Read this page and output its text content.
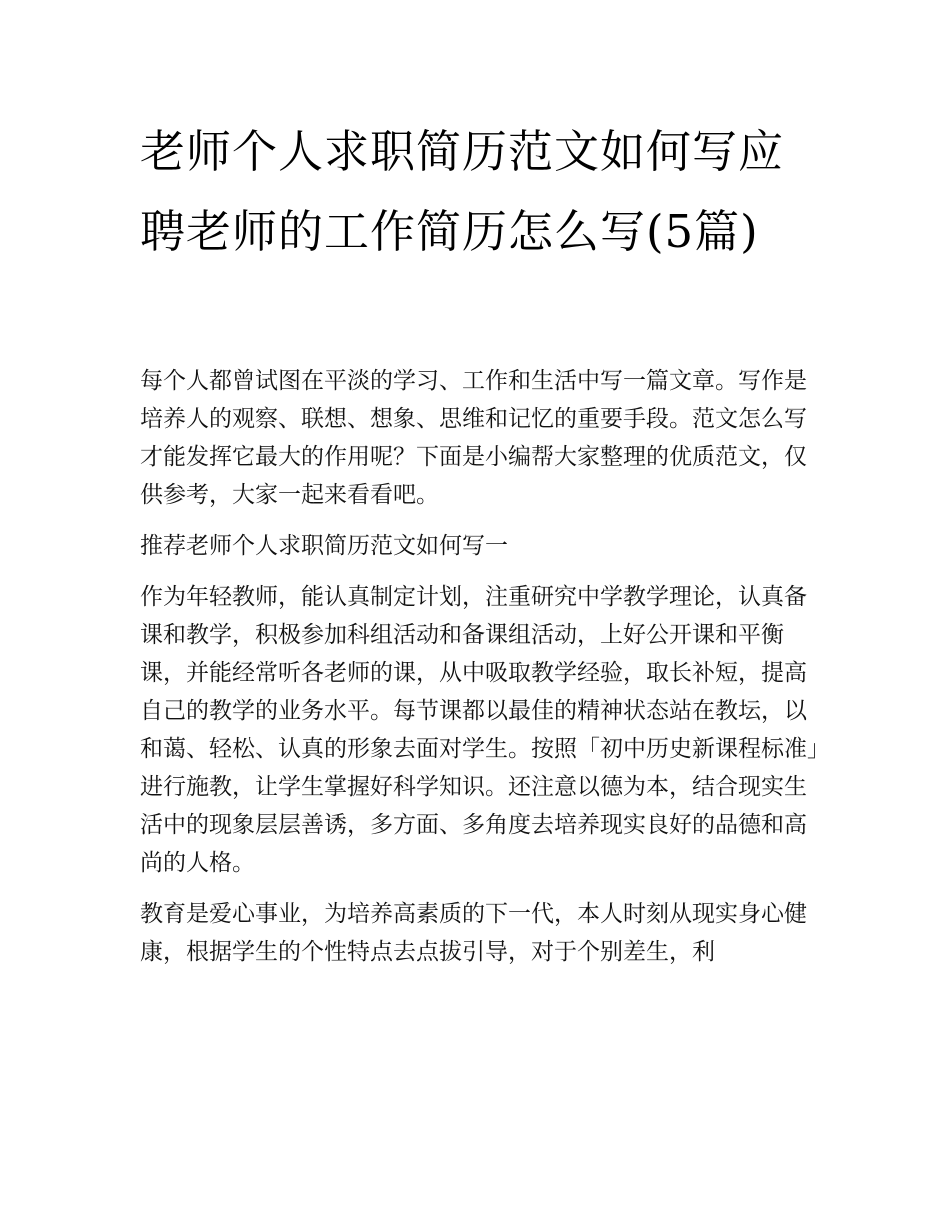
老师个人求职简历范文如何写应聘老师的工作简历怎么写(5篇)

每个人都曾试图在平淡的学习、工作和生活中写一篇文章。写作是培养人的观察、联想、想象、思维和记忆的重要手段。范文怎么写才能发挥它最大的作用呢？下面是小编帮大家整理的优质范文，仅供参考，大家一起来看看吧。

推荐老师个人求职简历范文如何写一

作为年轻教师，能认真制定计划，注重研究中学教学理论，认真备课和教学，积极参加科组活动和备课组活动，上好公开课和平衡课，并能经常听各老师的课，从中吸取教学经验，取长补短，提高自己的教学的业务水平。每节课都以最佳的精神状态站在教坛，以和蔼、轻松、认真的形象去面对学生。按照「初中历史新课程标准」进行施教，让学生掌握好科学知识。还注意以德为本，结合现实生活中的现象层层善诱，多方面、多角度去培养现实良好的品德和高尚的人格。

教育是爱心事业，为培养高素质的下一代，本人时刻从现实身心健康，根据学生的个性特点去点拔引导，对于个别差生，利
